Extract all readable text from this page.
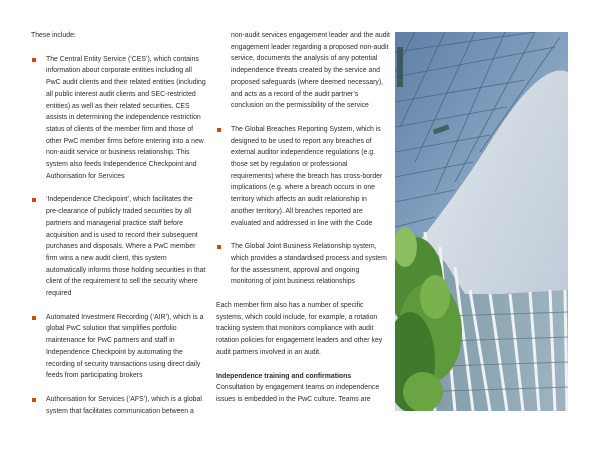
These include:

The Central Entity Service (‘CES’), which contains information about corporate entities including all PwC audit clients and their related entities (including all public interest audit clients and SEC-restricted entities) as well as their related securities. CES assists in determining the independence restriction status of clients of the member firm and those of other PwC member firms before entering into a new non-audit service or business relationship. This system also feeds Independence Checkpoint and Authorisation for Services
‘Independence Checkpoint’, which facilitates the pre-clearance of publicly traded securities by all partners and managerial practice staff before acquisition and is used to record their subsequent purchases and disposals. Where a PwC member firm wins a new audit client, this system automatically informs those holding securities in that client of the requirement to sell the security where required
Automated Investment Recording (‘AIR’), which is a global PwC solution that simplifies portfolio maintenance for PwC partners and staff in Independence Checkpoint by automating the recording of security transactions using direct daily feeds from participating brokers
Authorisation for Services (‘AFS’), which is a global system that facilitates communication between a

non-audit services engagement leader and the audit engagement leader regarding a proposed non-audit service, documents the analysis of any potential independence threats created by the service and proposed safeguards (where deemed necessary), and acts as a record of the audit partner’s conclusion on the permissibility of the service

The Global Breaches Reporting System, which is designed to be used to report any breaches of external auditor independence regulations (e.g. those set by regulation or professional requirements) where the breach has cross-border implications (e.g. where a breach occurs in one territory which affects an audit relationship in another territory). All breaches reported are evaluated and addressed in line with the Code
The Global Joint Business Relationship system, which provides a standardised process and system for the assessment, approval and ongoing monitoring of joint business relationships

Each member firm also has a number of specific systems, which could include, for example, a rotation tracking system that monitors compliance with audit rotation policies for engagement leaders and other key audit partners involved in an audit.

Independence training and confirmations

Consultation by engagement teams on independence issues is embedded in the PwC culture. Teams are
